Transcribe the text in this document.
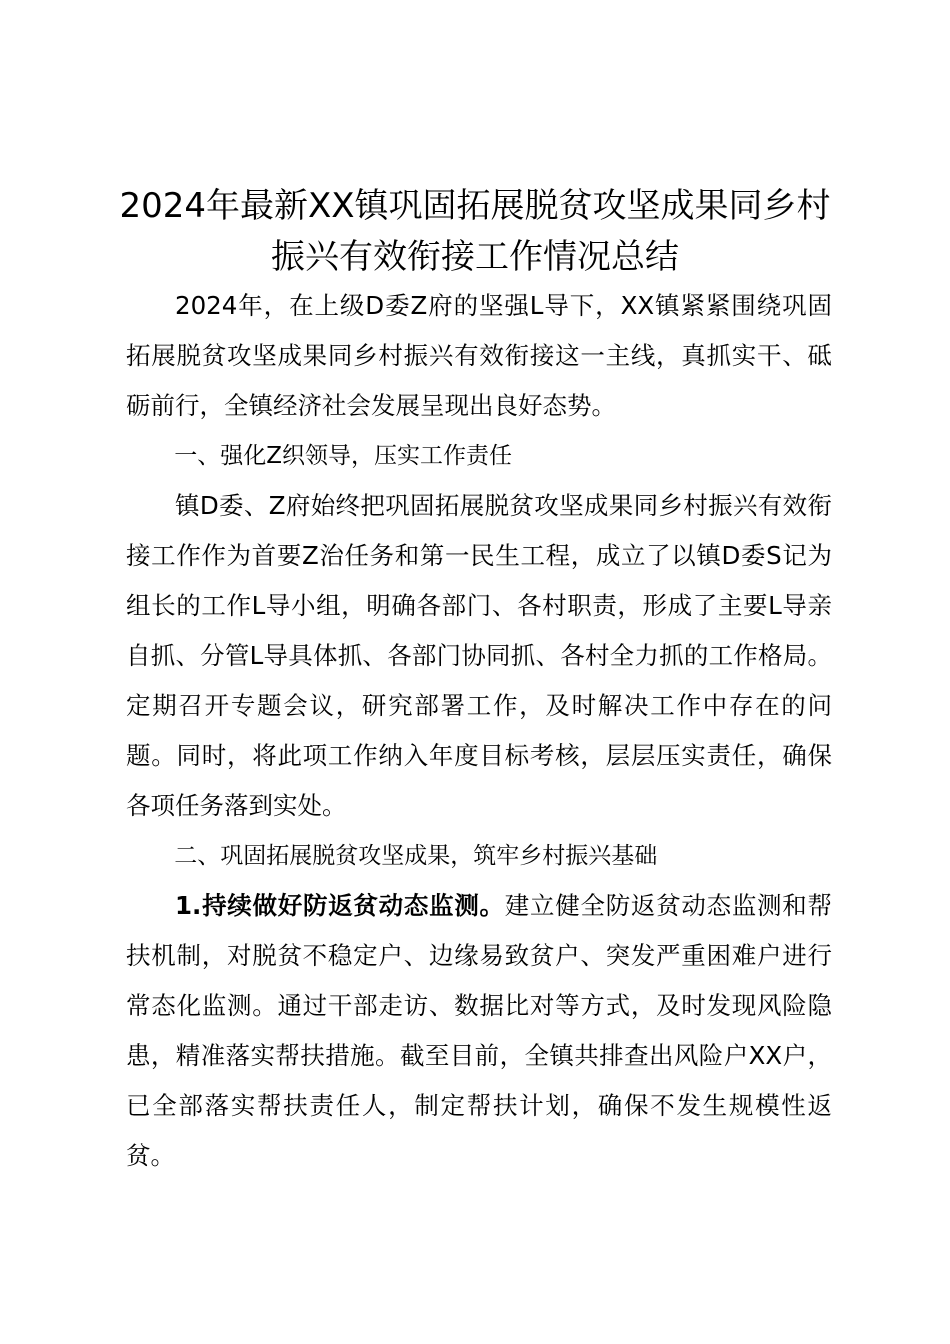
2024年最新XX镇巩固拓展脱贫攻坚成果同乡村振兴有效衔接工作情况总结

2024年，在上级D委Z府的坚强L导下，XX镇紧紧围绕巩固拓展脱贫攻坚成果同乡村振兴有效衔接这一主线，真抓实干、砥砺前行，全镇经济社会发展呈现出良好态势。

一、强化Z织领导，压实工作责任

镇D委、Z府始终把巩固拓展脱贫攻坚成果同乡村振兴有效衔接工作作为首要Z治任务和第一民生工程，成立了以镇D委S记为组长的工作L导小组，明确各部门、各村职责，形成了主要L导亲自抓、分管L导具体抓、各部门协同抓、各村全力抓的工作格局。定期召开专题会议，研究部署工作，及时解决工作中存在的问题。同时，将此项工作纳入年度目标考核，层层压实责任，确保各项任务落到实处。

二、巩固拓展脱贫攻坚成果，筑牢乡村振兴基础

1.持续做好防返贫动态监测。建立健全防返贫动态监测和帮扶机制，对脱贫不稳定户、边缘易致贫户、突发严重困难户进行常态化监测。通过干部走访、数据比对等方式，及时发现风险隐患，精准落实帮扶措施。截至目前，全镇共排查出风险户XX户，已全部落实帮扶责任人，制定帮扶计划，确保不发生规模性返贫。
